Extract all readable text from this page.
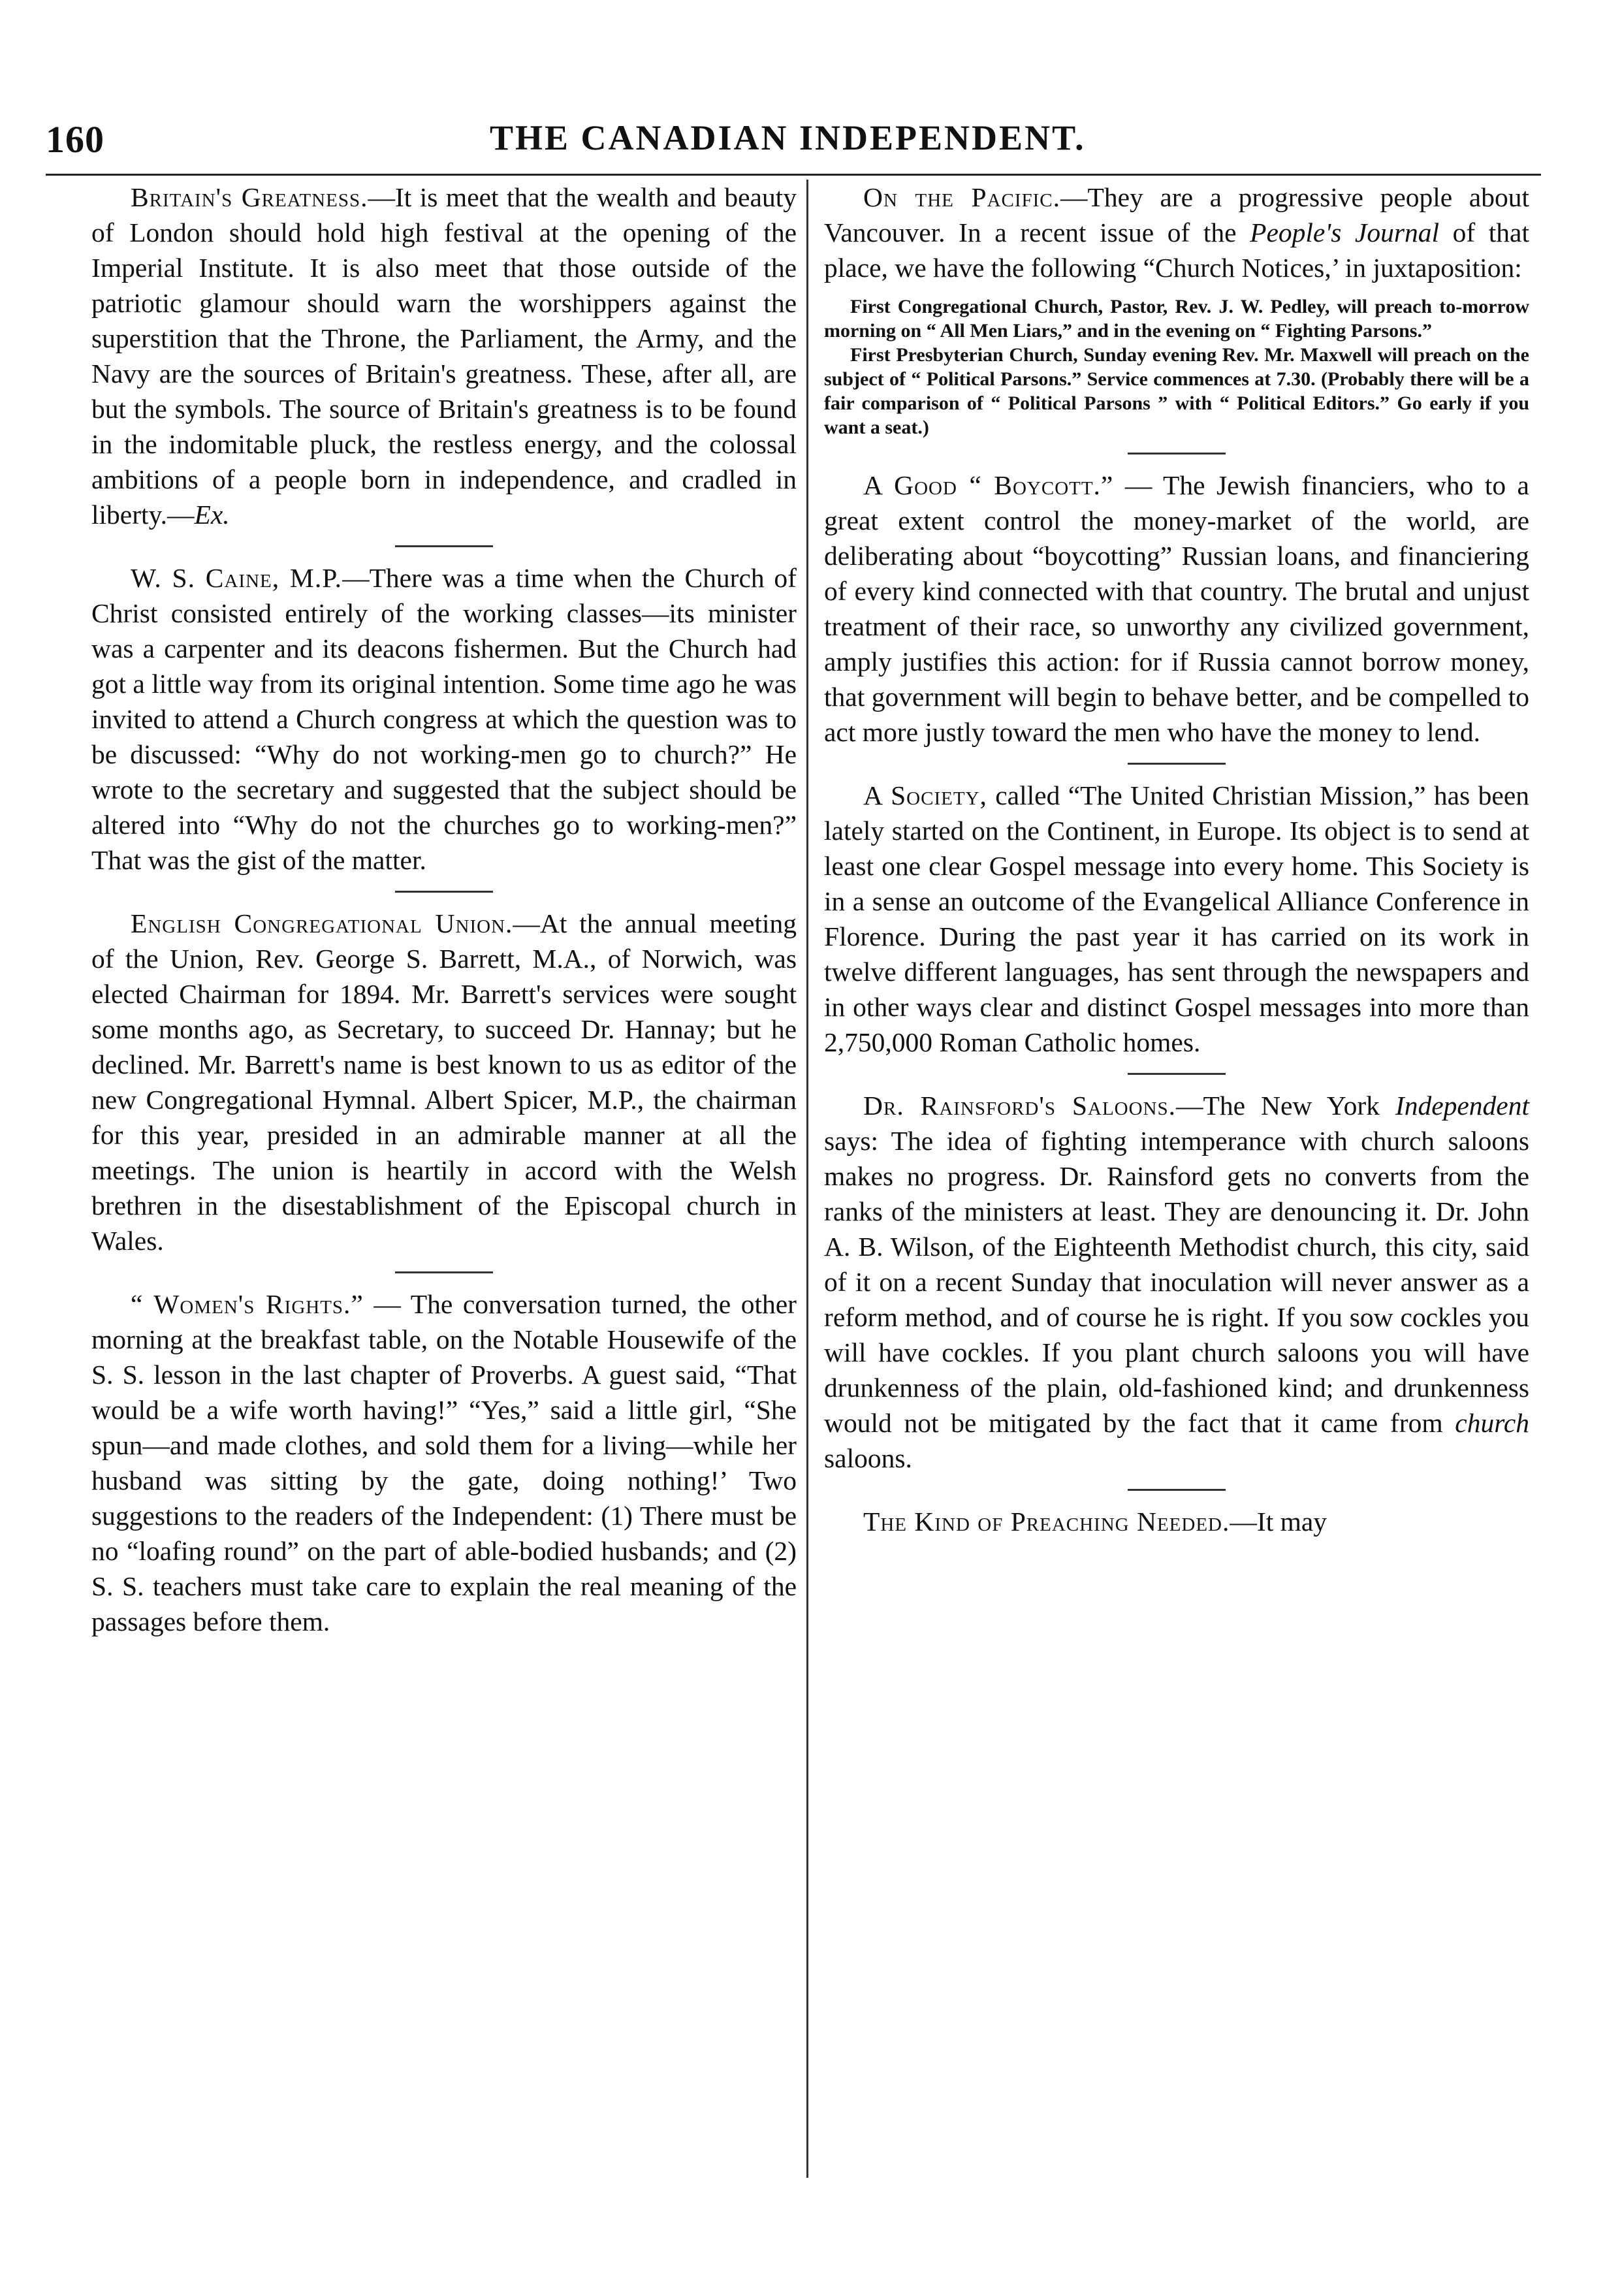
160	THE CANADIAN INDEPENDENT.

Britain's Greatness.—It is meet that the wealth and beauty of London should hold high festival at the opening of the Imperial Institute. It is also meet that those outside of the patriotic glamour should warn the worshippers against the superstition that the Throne, the Parliament, the Army, and the Navy are the sources of Britain's greatness. These, after all, are but the symbols. The source of Britain's greatness is to be found in the indomitable pluck, the restless energy, and the colossal ambitions of a people born in independence, and cradled in liberty.—Ex.

W. S. Caine, M.P.—There was a time when the Church of Christ consisted entirely of the working classes—its minister was a carpenter and its deacons fishermen. But the Church had got a little way from its original intention. Some time ago he was invited to attend a Church congress at which the question was to be discussed: “Why do not working-men go to church?” He wrote to the secretary and suggested that the subject should be altered into “Why do not the churches go to working-men?” That was the gist of the matter.

English Congregational Union.—At the annual meeting of the Union, Rev. George S. Barrett, M.A., of Norwich, was elected Chairman for 1894. Mr. Barrett's services were sought some months ago, as Secretary, to succeed Dr. Hannay; but he declined. Mr. Barrett's name is best known to us as editor of the new Congregational Hymnal. Albert Spicer, M.P., the chairman for this year, presided in an admirable manner at all the meetings. The union is heartily in accord with the Welsh brethren in the disestablishment of the Episcopal church in Wales.

“ Women's Rights.” — The conversation turned, the other morning at the breakfast table, on the Notable Housewife of the S. S. lesson in the last chapter of Proverbs. A guest said, “That would be a wife worth having!” “Yes,” said a little girl, “She spun—and made clothes, and sold them for a living—while her husband was sitting by the gate, doing nothing!’ Two suggestions to the readers of the Independent: (1) There must be no “loafing round” on the part of able-bodied husbands; and (2) S. S. teachers must take care to explain the real meaning of the passages before them.

On the Pacific.—They are a progressive people about Vancouver. In a recent issue of the People's Journal of that place, we have the following “Church Notices,’ in juxtaposition:

First Congregational Church, Pastor, Rev. J. W. Pedley, will preach to-morrow morning on “ All Men Liars,” and in the evening on “ Fighting Parsons.”

First Presbyterian Church, Sunday evening Rev. Mr. Maxwell will preach on the subject of “ Political Parsons.” Service commences at 7.30. (Probably there will be a fair comparison of “ Political Parsons ” with “ Political Editors.” Go early if you want a seat.)

A Good “ Boycott.” — The Jewish financiers, who to a great extent control the money-market of the world, are deliberating about “boycotting” Russian loans, and financiering of every kind connected with that country. The brutal and unjust treatment of their race, so unworthy any civilized government, amply justifies this action: for if Russia cannot borrow money, that government will begin to behave better, and be compelled to act more justly toward the men who have the money to lend.

A Society, called “The United Christian Mission,” has been lately started on the Continent, in Europe. Its object is to send at least one clear Gospel message into every home. This Society is in a sense an outcome of the Evangelical Alliance Conference in Florence. During the past year it has carried on its work in twelve different languages, has sent through the newspapers and in other ways clear and distinct Gospel messages into more than 2,750,000 Roman Catholic homes.

Dr. Rainsford's Saloons.—The New York Independent says: The idea of fighting intemperance with church saloons makes no progress. Dr. Rainsford gets no converts from the ranks of the ministers at least. They are denouncing it. Dr. John A. B. Wilson, of the Eighteenth Methodist church, this city, said of it on a recent Sunday that inoculation will never answer as a reform method, and of course he is right. If you sow cockles you will have cockles. If you plant church saloons you will have drunkenness of the plain, old-fashioned kind; and drunkenness would not be mitigated by the fact that it came from church saloons.

The Kind of Preaching Needed.—It may
